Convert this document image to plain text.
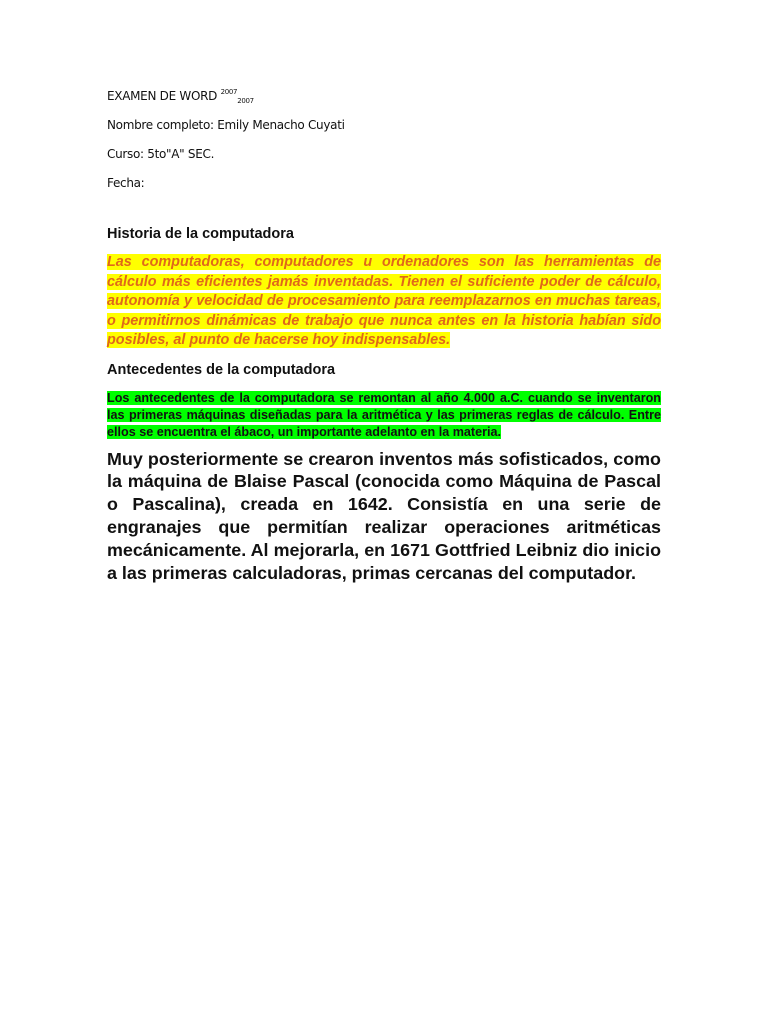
EXAMEN DE WORD $^{2007}_{2007}$

Nombre completo: Emily Menacho Cuyati

Curso: 5to"A" SEC.

Fecha:

Historia de la computadora

Las computadoras, computadores u ordenadores son las herramientas de cálculo más eficientes jamás inventadas. Tienen el suficiente poder de cálculo, autonomía y velocidad de procesamiento para reemplazarnos en muchas tareas, o permitirnos dinámicas de trabajo que nunca antes en la historia habían sido posibles, al punto de hacerse hoy indispensables.

Antecedentes de la computadora

Los antecedentes de la computadora se remontan al año 4.000 a.C. cuando se inventaron las primeras máquinas diseñadas para la aritmética y las primeras reglas de cálculo. Entre ellos se encuentra el ábaco, un importante adelanto en la materia.

Muy posteriormente se crearon inventos más sofisticados, como la máquina de Blaise Pascal (conocida como Máquina de Pascal o Pascalina), creada en 1642. Consistía en una serie de engranajes que permitían realizar operaciones aritméticas mecánicamente. Al mejorarla, en 1671 Gottfried Leibniz dio inicio a las primeras calculadoras, primas cercanas del computador.
